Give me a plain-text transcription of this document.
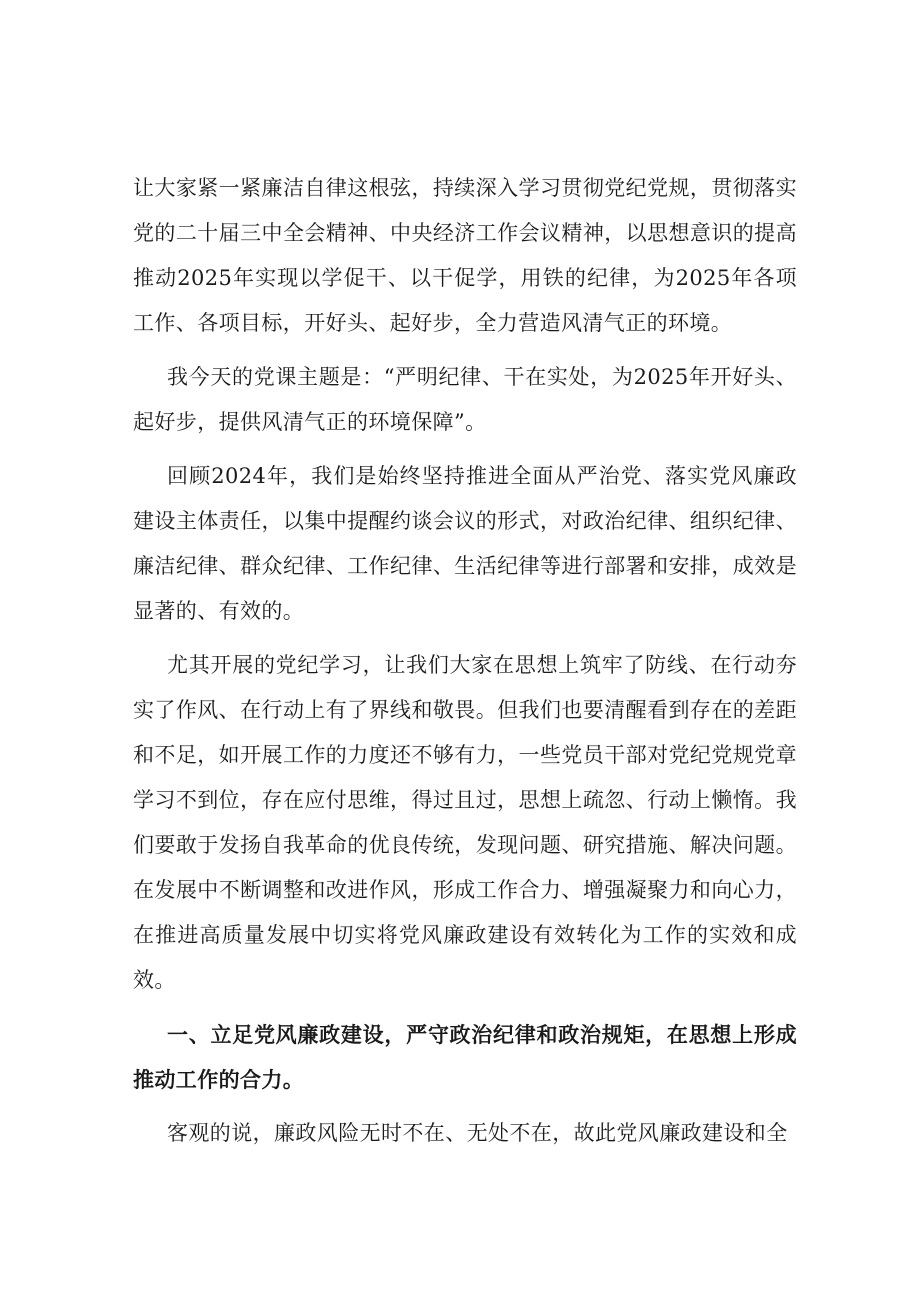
让大家紧一紧廉洁自律这根弦，持续深入学习贯彻党纪党规，贯彻落实党的二十届三中全会精神、中央经济工作会议精神，以思想意识的提高推动2025年实现以学促干、以干促学，用铁的纪律，为2025年各项工作、各项目标，开好头、起好步，全力营造风清气正的环境。

我今天的党课主题是：“严明纪律、干在实处，为2025年开好头、起好步，提供风清气正的环境保障”。

回顾2024年，我们是始终坚持推进全面从严治党、落实党风廉政建设主体责任，以集中提醒约谈会议的形式，对政治纪律、组织纪律、廉洁纪律、群众纪律、工作纪律、生活纪律等进行部署和安排，成效是显著的、有效的。

尤其开展的党纪学习，让我们大家在思想上筑牢了防线、在行动夯实了作风、在行动上有了界线和敬畏。但我们也要清醒看到存在的差距和不足，如开展工作的力度还不够有力，一些党员干部对党纪党规党章学习不到位，存在应付思维，得过且过，思想上疏忽、行动上懒惰。我们要敢于发扬自我革命的优良传统，发现问题、研究措施、解决问题。在发展中不断调整和改进作风，形成工作合力、增强凝聚力和向心力，在推进高质量发展中切实将党风廉政建设有效转化为工作的实效和成效。

一、立足党风廉政建设，严守政治纪律和政治规矩，在思想上形成推动工作的合力。

客观的说，廉政风险无时不在、无处不在，故此党风廉政建设和全
